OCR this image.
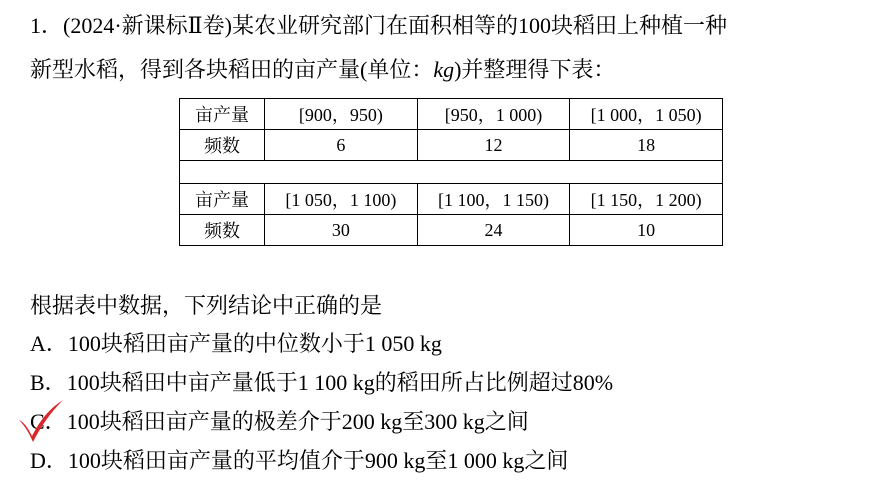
1．(2024·新课标Ⅱ卷)某农业研究部门在面积相等的100块稻田上种植一种
新型水稻，得到各块稻田的亩产量(单位：kg)并整理得下表：
亩产量	[900，950)	[950，1 000)	[1 000，1 050)
频数	6	12	18

亩产量	[1 050，1 100)	[1 100，1 150)	[1 150，1 200)
频数	30	24	10
根据表中数据，下列结论中正确的是
A．100块稻田亩产量的中位数小于1 050 kg
B．100块稻田中亩产量低于1 100 kg的稻田所占比例超过80%
C．100块稻田亩产量的极差介于200 kg至300 kg之间
D．100块稻田亩产量的平均值介于900 kg至1 000 kg之间
